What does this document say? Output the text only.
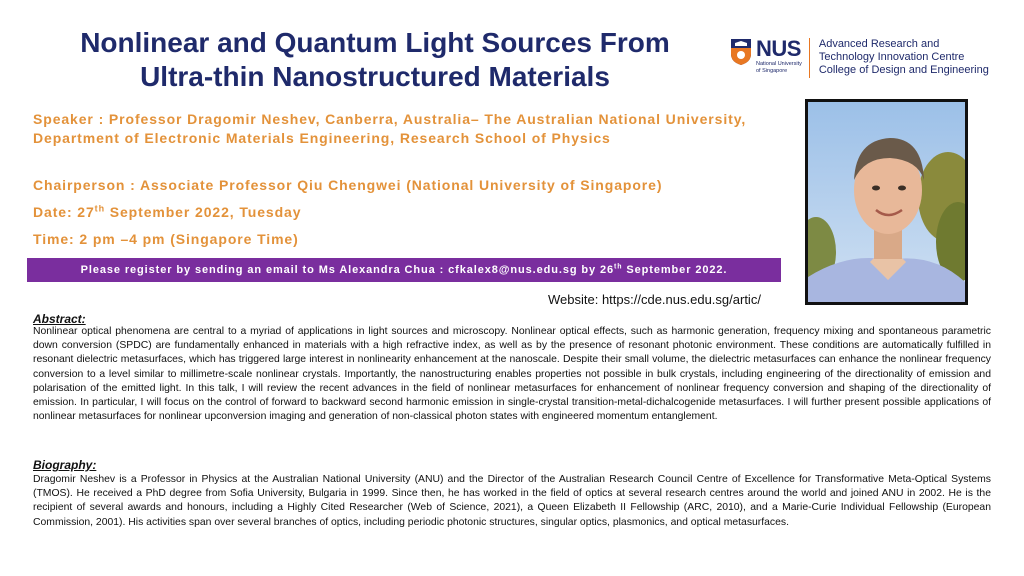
Nonlinear and Quantum Light Sources From
Ultra-thin Nanostructured Materials
NUS
National University
of Singapore
Advanced Research and
Technology Innovation Centre
College of Design and Engineering

Speaker : Professor Dragomir Neshev, Canberra, Australia– The Australian National University, Department of Electronic Materials Engineering, Research School of Physics

Chairperson : Associate Professor Qiu Chengwei (National University of Singapore)

Date: 27th September 2022, Tuesday

Time: 2 pm –4 pm (Singapore Time)

Please register by sending an email to Ms Alexandra Chua : cfkalex8@nus.edu.sg by 26th September 2022.
Website: https://cde.nus.edu.sg/artic/
Abstract:

Nonlinear optical phenomena are central to a myriad of applications in light sources and microscopy. Nonlinear optical effects, such as harmonic generation, frequency mixing and spontaneous parametric down conversion (SPDC) are fundamentally enhanced in materials with a high refractive index, as well as by the presence of resonant photonic environment. These conditions are automatically fulfilled in resonant dielectric metasurfaces, which has triggered large interest in nonlinearity enhancement at the nanoscale. Despite their small volume, the dielectric metasurfaces can enhance the nonlinear frequency conversion to a level similar to millimetre-scale nonlinear crystals. Importantly, the nanostructuring enables properties not possible in bulk crystals, including engineering of the directionality of emission and polarisation of the emitted light. In this talk, I will review the recent advances in the field of nonlinear metasurfaces for enhancement of nonlinear frequency conversion and shaping of the directionality of emission. In particular, I will focus on the control of forward to backward second harmonic emission in single-crystal transition-metal-dichalcogenide metasurfaces. I will further present possible applications of nonlinear metasurfaces for nonlinear upconversion imaging and generation of non-classical photon states with engineered momentum entanglement.

Biography:

Dragomir Neshev is a Professor in Physics at the Australian National University (ANU) and the Director of the Australian Research Council Centre of Excellence for Transformative Meta-Optical Systems (TMOS). He received a PhD degree from Sofia University, Bulgaria in 1999. Since then, he has worked in the field of optics at several research centres around the world and joined ANU in 2002. He is the recipient of several awards and honours, including a Highly Cited Researcher (Web of Science, 2021), a Queen Elizabeth II Fellowship (ARC, 2010), and a Marie-Curie Individual Fellowship (European Commission, 2001). His activities span over several branches of optics, including periodic photonic structures, singular optics, plasmonics, and optical metasurfaces.
